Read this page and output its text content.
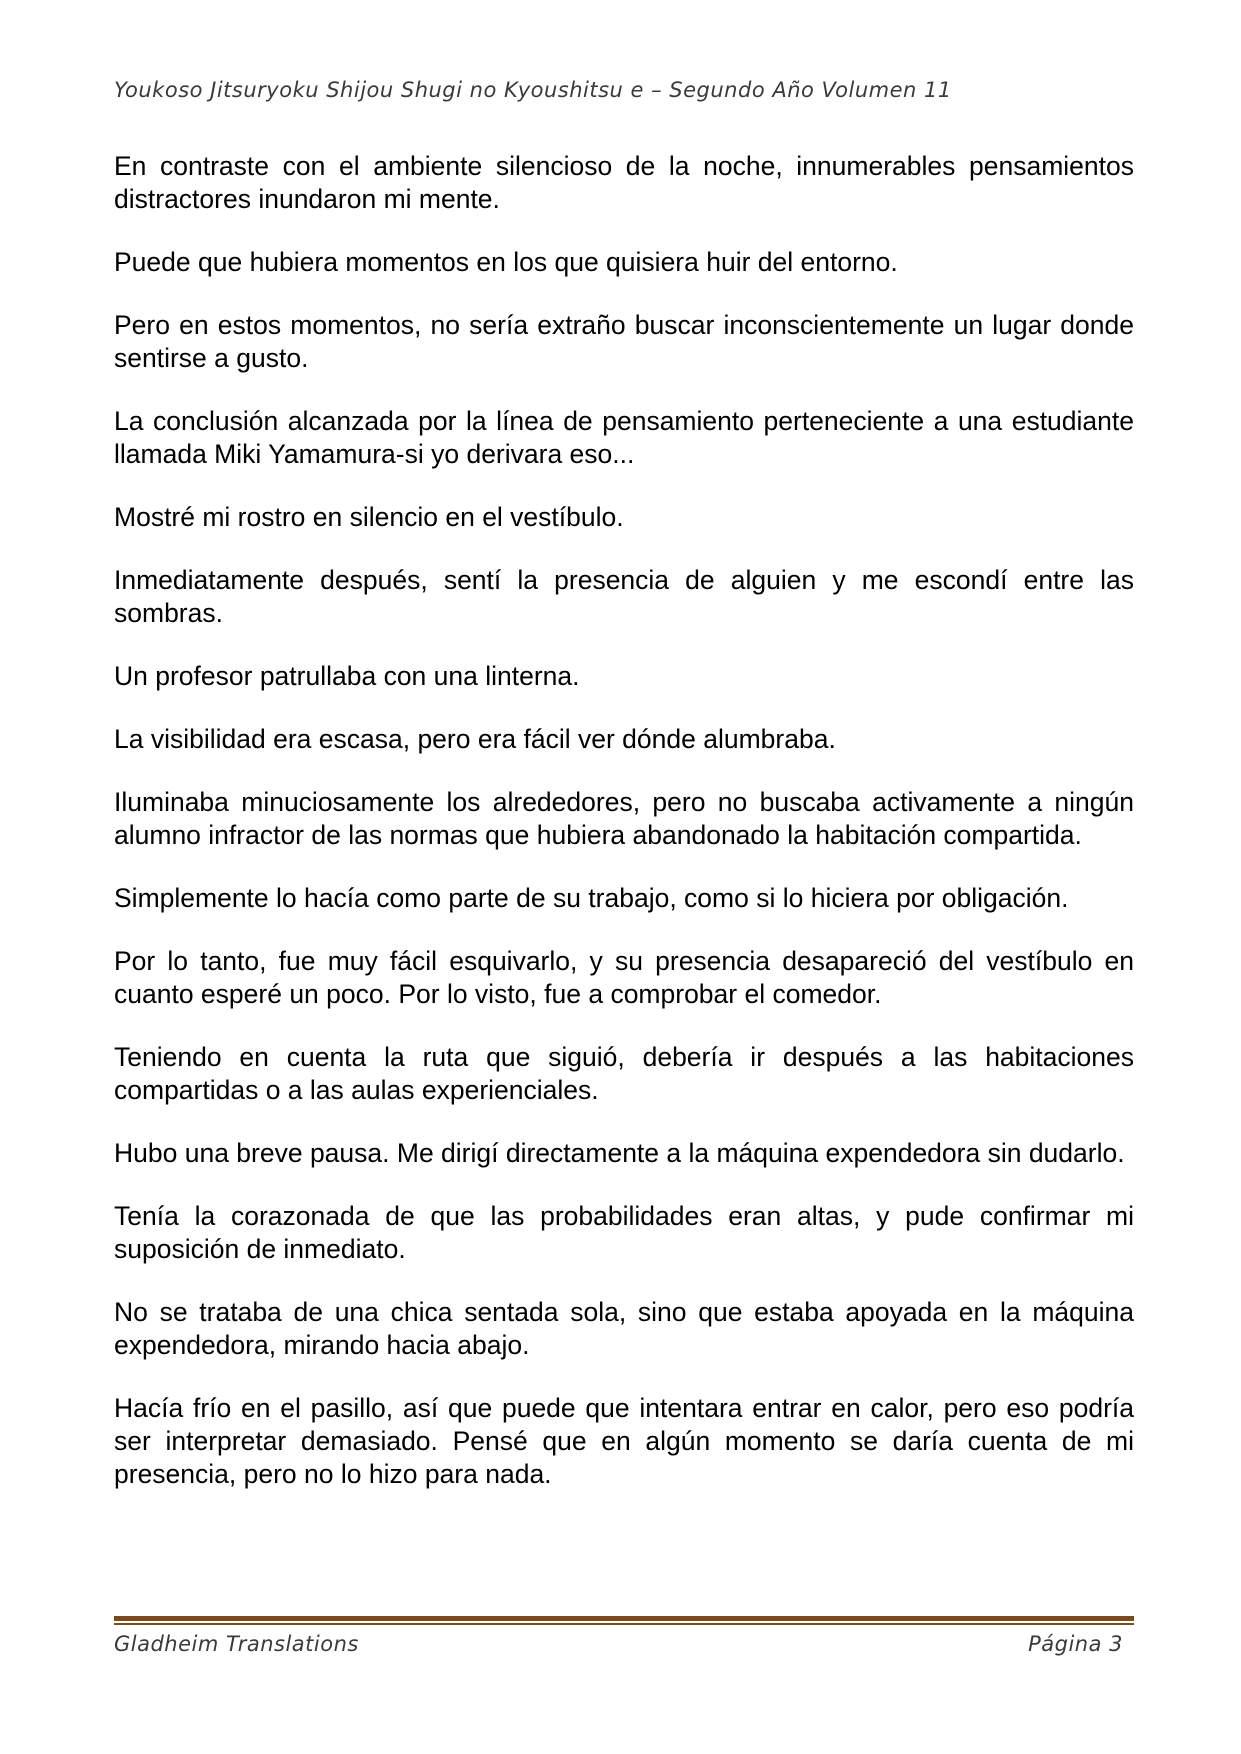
Youkoso Jitsuryoku Shijou Shugi no Kyoushitsu e – Segundo Año Volumen 11

En contraste con el ambiente silencioso de la noche, innumerables pensamientos distractores inundaron mi mente.

Puede que hubiera momentos en los que quisiera huir del entorno.

Pero en estos momentos, no sería extraño buscar inconscientemente un lugar donde sentirse a gusto.

La conclusión alcanzada por la línea de pensamiento perteneciente a una estudiante llamada Miki Yamamura-si yo derivara eso...

Mostré mi rostro en silencio en el vestíbulo.

Inmediatamente después, sentí la presencia de alguien y me escondí entre las sombras.

Un profesor patrullaba con una linterna.

La visibilidad era escasa, pero era fácil ver dónde alumbraba.

Iluminaba minuciosamente los alrededores, pero no buscaba activamente a ningún alumno infractor de las normas que hubiera abandonado la habitación compartida.

Simplemente lo hacía como parte de su trabajo, como si lo hiciera por obligación.

Por lo tanto, fue muy fácil esquivarlo, y su presencia desapareció del vestíbulo en cuanto esperé un poco. Por lo visto, fue a comprobar el comedor.

Teniendo en cuenta la ruta que siguió, debería ir después a las habitaciones compartidas o a las aulas experienciales.

Hubo una breve pausa. Me dirigí directamente a la máquina expendedora sin dudarlo.

Tenía la corazonada de que las probabilidades eran altas, y pude confirmar mi suposición de inmediato.

No se trataba de una chica sentada sola, sino que estaba apoyada en la máquina expendedora, mirando hacia abajo.

Hacía frío en el pasillo, así que puede que intentara entrar en calor, pero eso podría ser interpretar demasiado. Pensé que en algún momento se daría cuenta de mi presencia, pero no lo hizo para nada.

Gladheim Translations	Página 3
